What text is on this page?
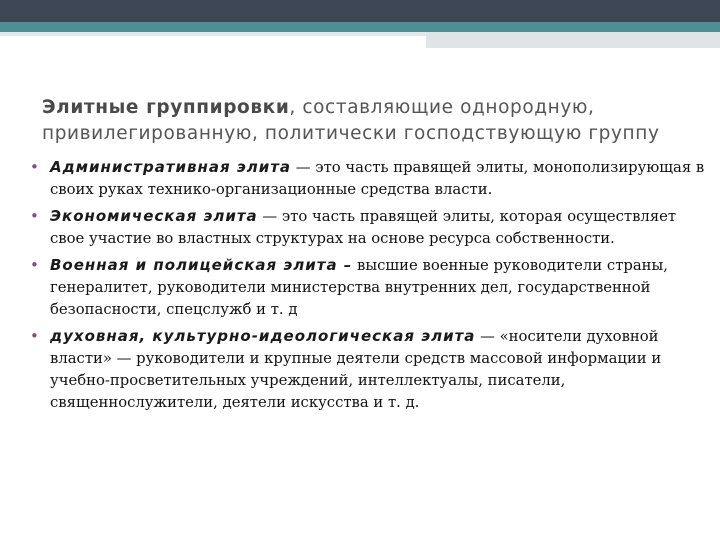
Элитные группировки, составляющие однородную, привилегированную, политически господствующую группу
• Административная элита — это часть правящей элиты, монополизирующая в своих руках технико-организационные средства власти.
• Экономическая элита — это часть правящей элиты, которая осуществляет свое участие во властных структурах на основе ресурса собственности.
• Военная и полицейская элита – высшие военные руководители страны, генералитет, руководители министерства внутренних дел, государственной безопасности, спецслужб и т. д
• духовная, культурно-идеологическая элита — «носители духовной власти» — руководители и крупные деятели средств массовой информации и учебно-просветительных учреждений, интеллектуалы, писатели, священнослужители, деятели искусства и т. д.
